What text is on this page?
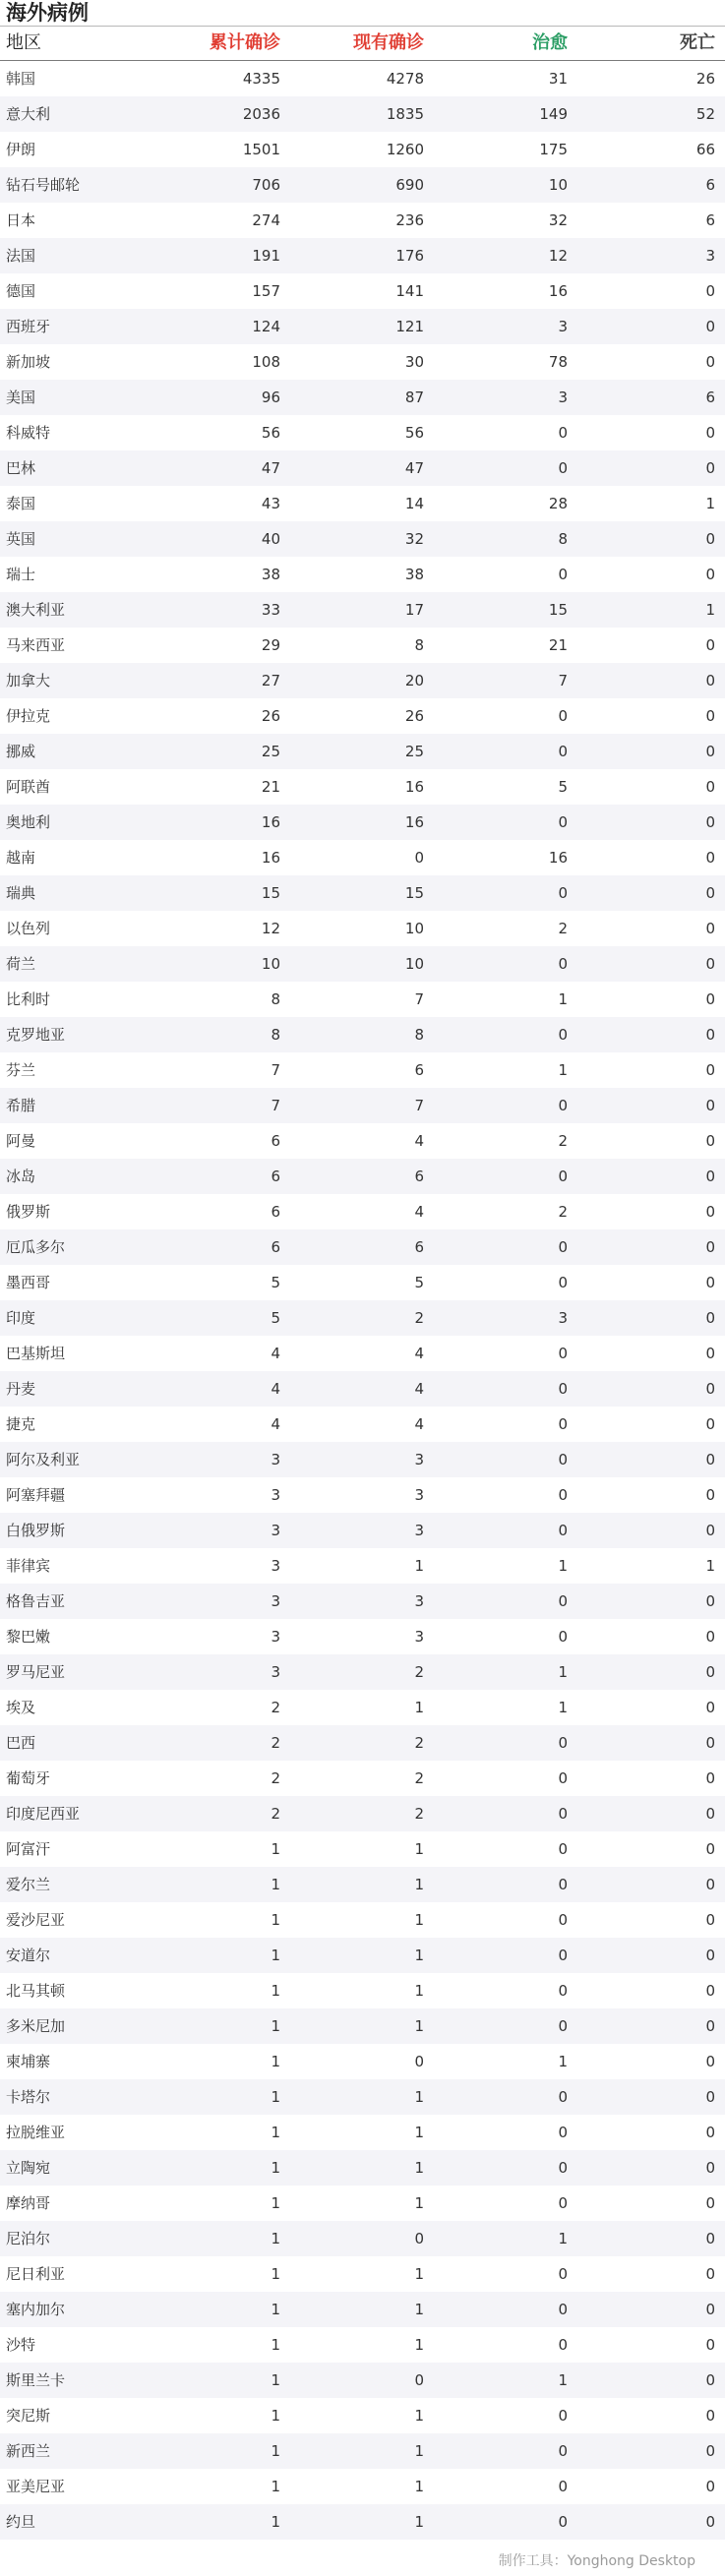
海外病例
地区	累计确诊	现有确诊	治愈	死亡
韩国	4335	4278	31	26
意大利	2036	1835	149	52
伊朗	1501	1260	175	66
钻石号邮轮	706	690	10	6
日本	274	236	32	6
法国	191	176	12	3
德国	157	141	16	0
西班牙	124	121	3	0
新加坡	108	30	78	0
美国	96	87	3	6
科威特	56	56	0	0
巴林	47	47	0	0
泰国	43	14	28	1
英国	40	32	8	0
瑞士	38	38	0	0
澳大利亚	33	17	15	1
马来西亚	29	8	21	0
加拿大	27	20	7	0
伊拉克	26	26	0	0
挪威	25	25	0	0
阿联酋	21	16	5	0
奥地利	16	16	0	0
越南	16	0	16	0
瑞典	15	15	0	0
以色列	12	10	2	0
荷兰	10	10	0	0
比利时	8	7	1	0
克罗地亚	8	8	0	0
芬兰	7	6	1	0
希腊	7	7	0	0
阿曼	6	4	2	0
冰岛	6	6	0	0
俄罗斯	6	4	2	0
厄瓜多尔	6	6	0	0
墨西哥	5	5	0	0
印度	5	2	3	0
巴基斯坦	4	4	0	0
丹麦	4	4	0	0
捷克	4	4	0	0
阿尔及利亚	3	3	0	0
阿塞拜疆	3	3	0	0
白俄罗斯	3	3	0	0
菲律宾	3	1	1	1
格鲁吉亚	3	3	0	0
黎巴嫩	3	3	0	0
罗马尼亚	3	2	1	0
埃及	2	1	1	0
巴西	2	2	0	0
葡萄牙	2	2	0	0
印度尼西亚	2	2	0	0
阿富汗	1	1	0	0
爱尔兰	1	1	0	0
爱沙尼亚	1	1	0	0
安道尔	1	1	0	0
北马其顿	1	1	0	0
多米尼加	1	1	0	0
柬埔寨	1	0	1	0
卡塔尔	1	1	0	0
拉脱维亚	1	1	0	0
立陶宛	1	1	0	0
摩纳哥	1	1	0	0
尼泊尔	1	0	1	0
尼日利亚	1	1	0	0
塞内加尔	1	1	0	0
沙特	1	1	0	0
斯里兰卡	1	0	1	0
突尼斯	1	1	0	0
新西兰	1	1	0	0
亚美尼亚	1	1	0	0
约旦	1	1	0	0
制作工具：Yonghong Desktop
